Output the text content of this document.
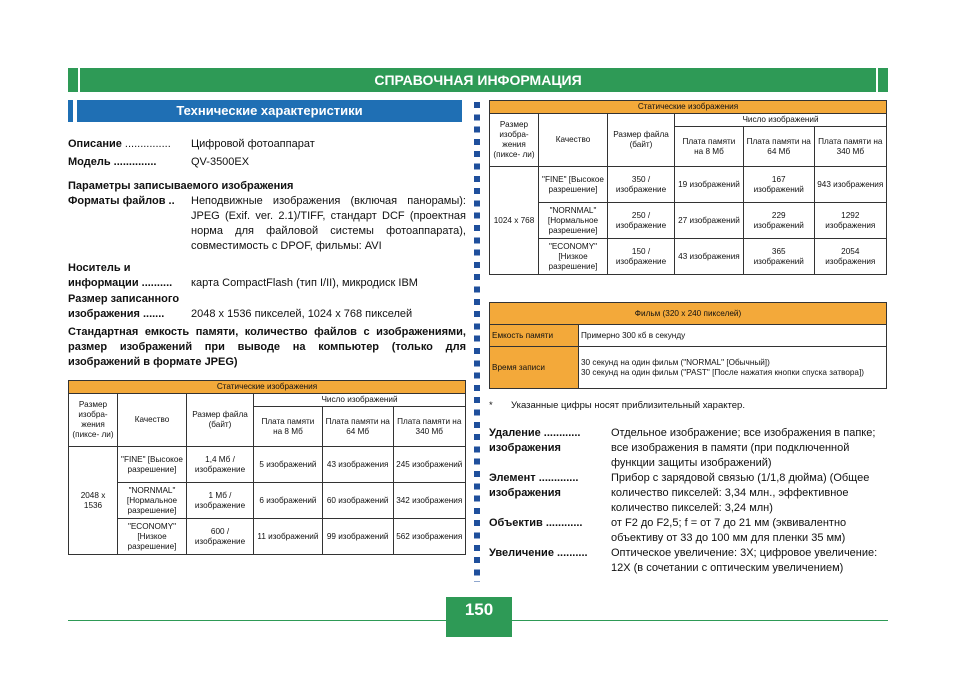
СПРАВОЧНАЯ ИНФОРМАЦИЯ
Технические характеристики
Описание ...............	Цифровой фотоаппарат
Модель ..............	QV-3500EX
Параметры записываемого изображения
Форматы файлов ..	Неподвижные изображения (включая панорамы): JPEG (Exif. ver. 2.1)/TIFF, стандарт DCF (проектная норма для файловой системы фотоаппарата), совместимость с DPOF, фильмы: AVI
Носитель и
информации ..........	карта CompactFlash (тип I/II), микродиск IBM
Размер записанного
изображения .......	2048 x 1536 пикселей, 1024 x 768 пикселей
Стандартная емкость памяти, количество файлов с изображениями, размер изображений при выводе на компьютер (только для изображений в формате JPEG)
Статические изображения					
Размер изобра- жения (пиксе- ли)	Качество	Размер файла (байт)	Число изображений		
			Плата памяти на 8 Мб	Плата памяти на 64 Мб	Плата памяти на 340 Мб
2048 x 1536	"FINE" [Высокое разрешение]	1,4 Мб / изображение	5 изображений	43 изображения	245 изображений
	"NORNMAL" [Нормальное разрешение]	1 Мб / изображение	6 изображений	60 изображений	342 изображения
	"ECONOMY" [Низкое разрешение]	600 / изображение	11 изображений	99 изображений	562 изображения
Статические изображения					
Размер изобра- жения (пиксе- ли)	Качество	Размер файла (байт)	Число изображений		
			Плата памяти на 8 Мб	Плата памяти на 64 Мб	Плата памяти на 340 Мб
1024 x 768	"FINE" [Высокое разрешение]	350 / изображение	19 изображений	167 изображений	943 изображения
	"NORNMAL" [Нормальное разрешение]	250 / изображение	27 изображений	229 изображений	1292 изображения
	"ECONOMY" [Низкое разрешение]	150 / изображение	43 изображения	365 изображений	2054 изображения
Фильм (320 x 240 пикселей)	
Емкость памяти	Примерно 300 кб в секунду
Время записи	30 секунд на один фильм ("NORMAL" [Обычный])
30 секунд на один фильм ("PAST" [После нажатия кнопки спуска затвора])
*	Указанные цифры носят приблизительный характер.
Удаление ............ изображения
Отдельное изображение; все изображения в папке; все изображения в памяти (при подключенной функции защиты изображений)
Элемент ............. изображения
Прибор с зарядовой связью (1/1,8 дюйма) (Общее количество пикселей: 3,34 млн., эффективное количество пикселей: 3,24 млн)
Объектив ............	от F2 до F2,5; f = от 7 до 21 мм (эквивалентно объективу от 33 до 100 мм для пленки 35 мм)
Увеличение ..........	Оптическое увеличение: 3X; цифровое увеличение: 12X (в сочетании с оптическим увеличением)
150
